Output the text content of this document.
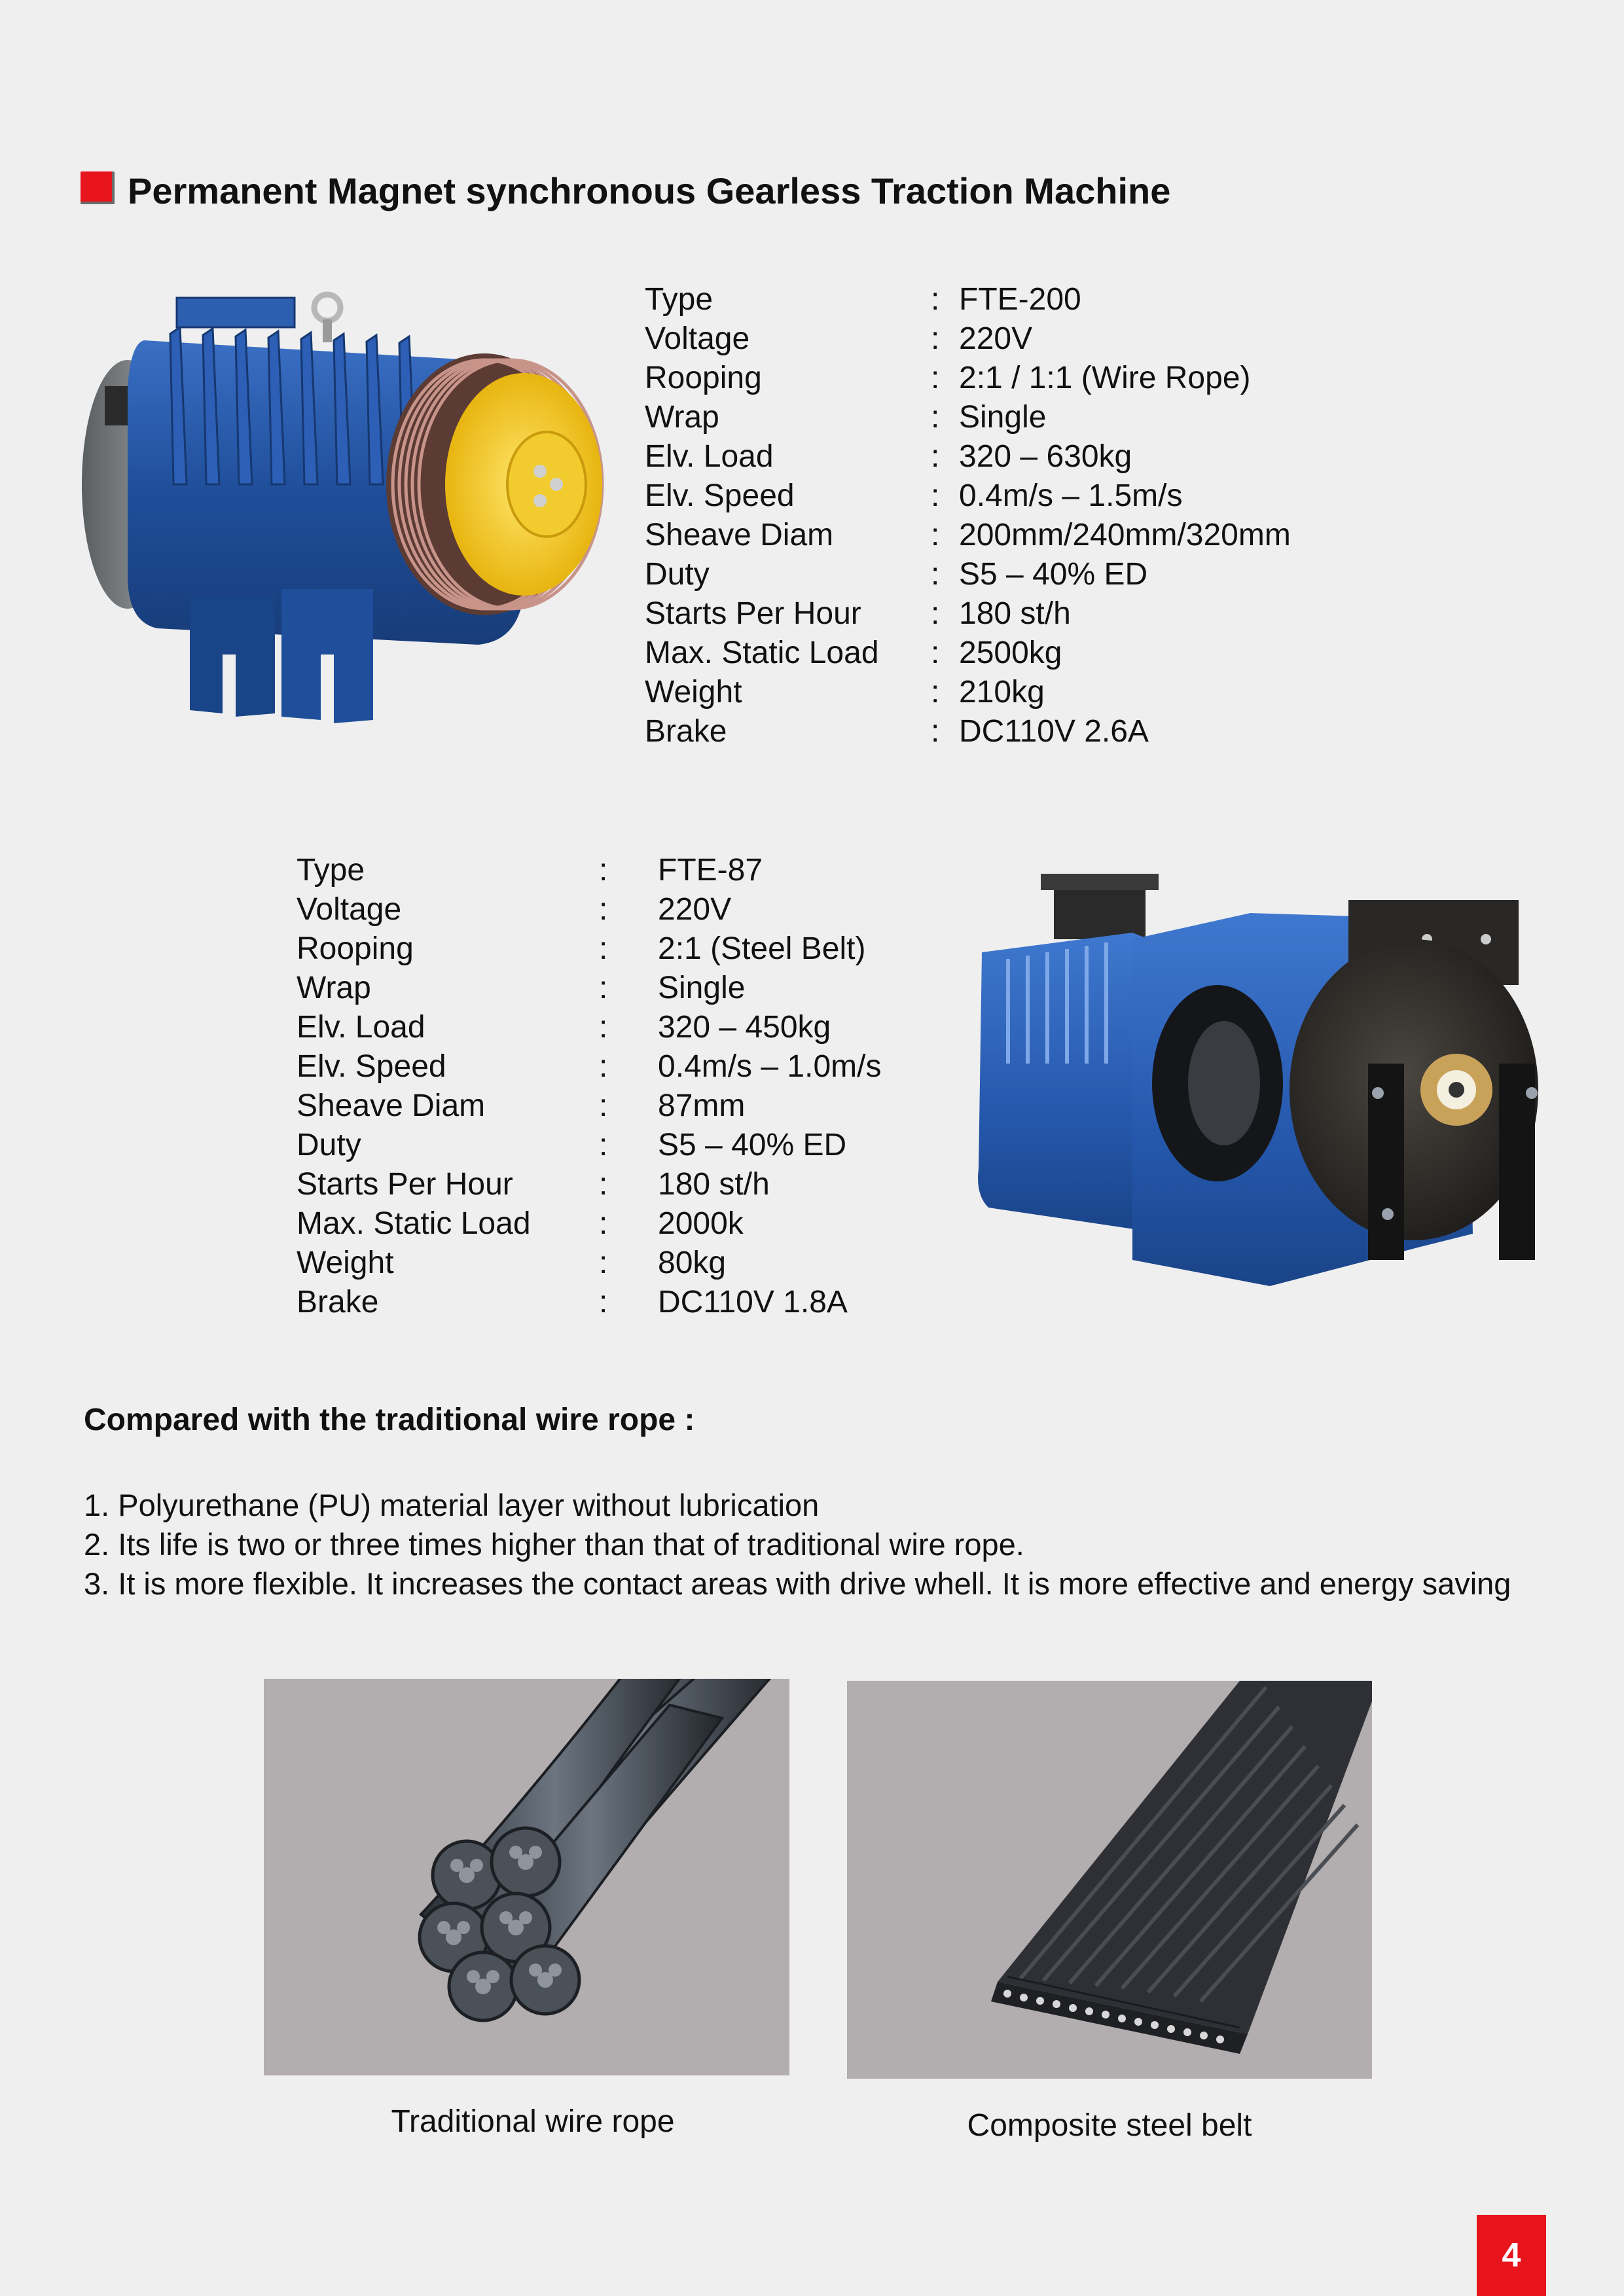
Permanent Magnet synchronous Gearless Traction Machine
Type	: FTE-200
Voltage	: 220V
Rooping	: 2:1 / 1:1 (Wire Rope)
Wrap	: Single
Elv. Load	: 320 – 630kg
Elv. Speed	: 0.4m/s – 1.5m/s
Sheave Diam	: 200mm/240mm/320mm
Duty	: S5 – 40% ED
Starts Per Hour	: 180 st/h
Max. Static Load	: 2500kg
Weight	: 210kg
Brake	: DC110V 2.6A
Type	:	FTE-87
Voltage	:	220V
Rooping	:	2:1 (Steel Belt)
Wrap	:	Single
Elv. Load	:	320 – 450kg
Elv. Speed	:	0.4m/s – 1.0m/s
Sheave Diam	:	87mm
Duty	:	S5 – 40% ED
Starts Per Hour	:	180 st/h
Max. Static Load	:	2000k
Weight	:	80kg
Brake	:	DC110V 1.8A
Compared with the traditional wire rope :

1. Polyurethane (PU) material layer without lubrication

2. Its life is two or three times higher than that of traditional wire rope.

3. It is more flexible. It increases the contact areas with drive whell. It is more effective and energy saving

Traditional wire rope	Composite steel belt
4
